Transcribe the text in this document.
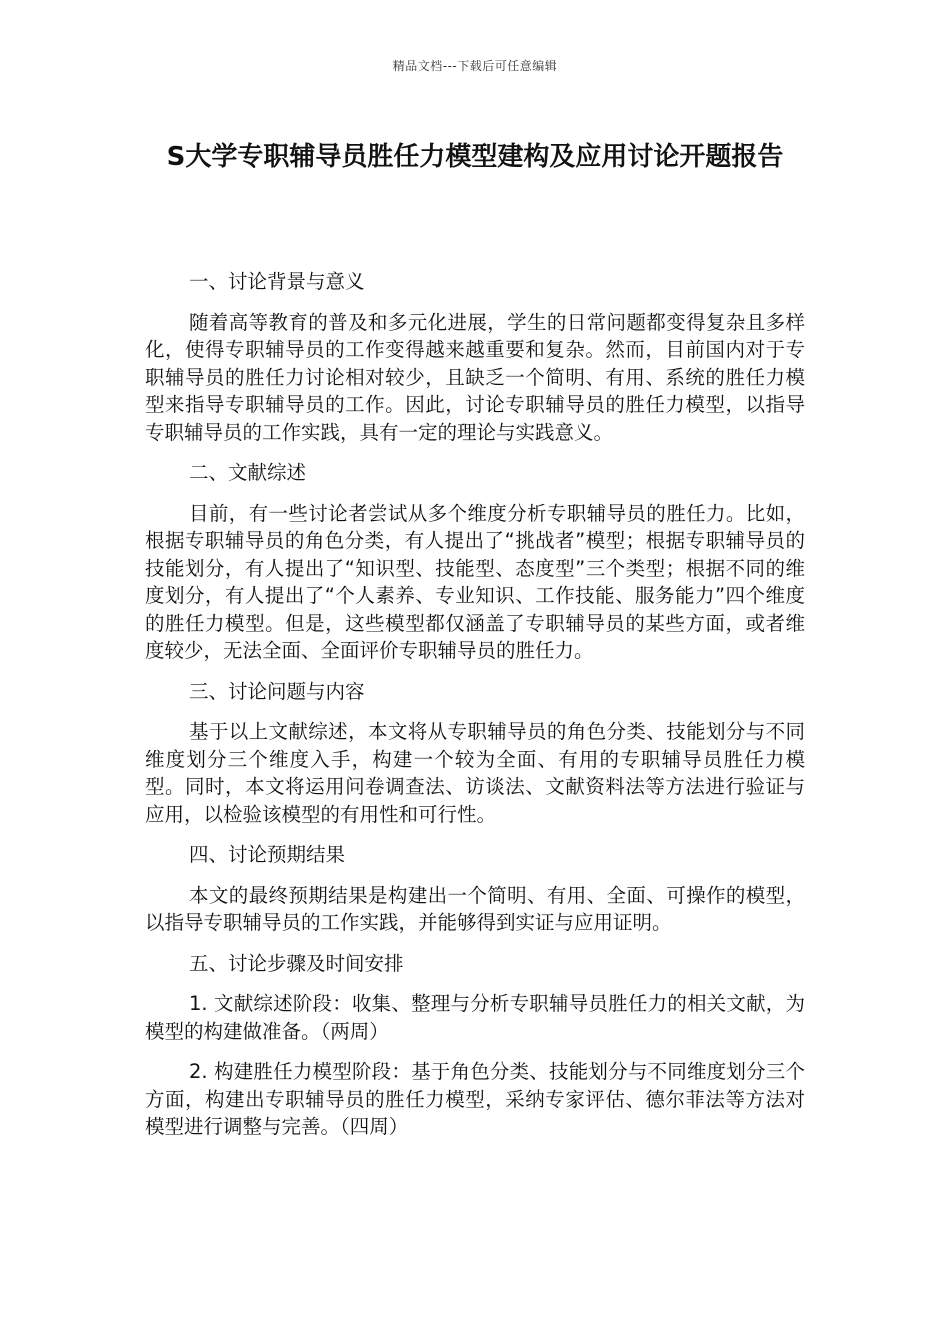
精品文档---下载后可任意编辑
S大学专职辅导员胜任力模型建构及应用讨论开题报告
一、讨论背景与意义
随着高等教育的普及和多元化进展，学生的日常问题都变得复杂且多样化，使得专职辅导员的工作变得越来越重要和复杂。然而，目前国内对于专职辅导员的胜任力讨论相对较少，且缺乏一个简明、有用、系统的胜任力模型来指导专职辅导员的工作。因此，讨论专职辅导员的胜任力模型，以指导专职辅导员的工作实践，具有一定的理论与实践意义。
二、文献综述
目前，有一些讨论者尝试从多个维度分析专职辅导员的胜任力。比如，根据专职辅导员的角色分类，有人提出了“挑战者”模型；根据专职辅导员的技能划分，有人提出了“知识型、技能型、态度型”三个类型；根据不同的维度划分，有人提出了“个人素养、专业知识、工作技能、服务能力”四个维度的胜任力模型。但是，这些模型都仅涵盖了专职辅导员的某些方面，或者维度较少，无法全面、全面评价专职辅导员的胜任力。
三、讨论问题与内容
基于以上文献综述，本文将从专职辅导员的角色分类、技能划分与不同维度划分三个维度入手，构建一个较为全面、有用的专职辅导员胜任力模型。同时，本文将运用问卷调查法、访谈法、文献资料法等方法进行验证与应用，以检验该模型的有用性和可行性。
四、讨论预期结果
本文的最终预期结果是构建出一个简明、有用、全面、可操作的模型，以指导专职辅导员的工作实践，并能够得到实证与应用证明。
五、讨论步骤及时间安排
1. 文献综述阶段：收集、整理与分析专职辅导员胜任力的相关文献，为模型的构建做准备。（两周）
2. 构建胜任力模型阶段：基于角色分类、技能划分与不同维度划分三个方面，构建出专职辅导员的胜任力模型，采纳专家评估、德尔菲法等方法对模型进行调整与完善。（四周）
